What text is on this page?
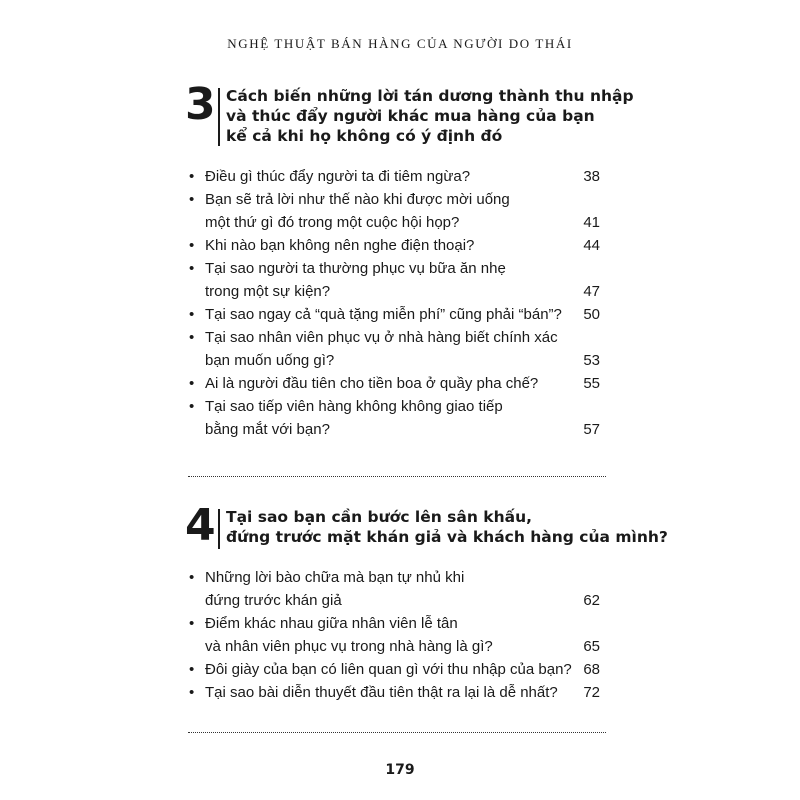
NGHỆ THUẬT BÁN HÀNG CỦA NGƯỜI DO THÁI
3 Cách biến những lời tán dương thành thu nhập
và thúc đẩy người khác mua hàng của bạn
kể cả khi họ không có ý định đó
• Điều gì thúc đẩy người ta đi tiêm ngừa?	38
• Bạn sẽ trả lời như thế nào khi được mời uống
một thứ gì đó trong một cuộc hội họp?	41
• Khi nào bạn không nên nghe điện thoại?	44
• Tại sao người ta thường phục vụ bữa ăn nhẹ
trong một sự kiện?	47
• Tại sao ngay cả “quà tặng miễn phí” cũng phải “bán”?	50
• Tại sao nhân viên phục vụ ở nhà hàng biết chính xác
bạn muốn uống gì?	53
• Ai là người đầu tiên cho tiền boa ở quầy pha chế?	55
• Tại sao tiếp viên hàng không không giao tiếp
bằng mắt với bạn?	57
4 Tại sao bạn cần bước lên sân khấu,
đứng trước mặt khán giả và khách hàng của mình?
• Những lời bào chữa mà bạn tự nhủ khi
đứng trước khán giả	62
• Điểm khác nhau giữa nhân viên lễ tân
và nhân viên phục vụ trong nhà hàng là gì?	65
• Đôi giày của bạn có liên quan gì với thu nhập của bạn? 68
• Tại sao bài diễn thuyết đầu tiên thật ra lại là dễ nhất?	72
179
